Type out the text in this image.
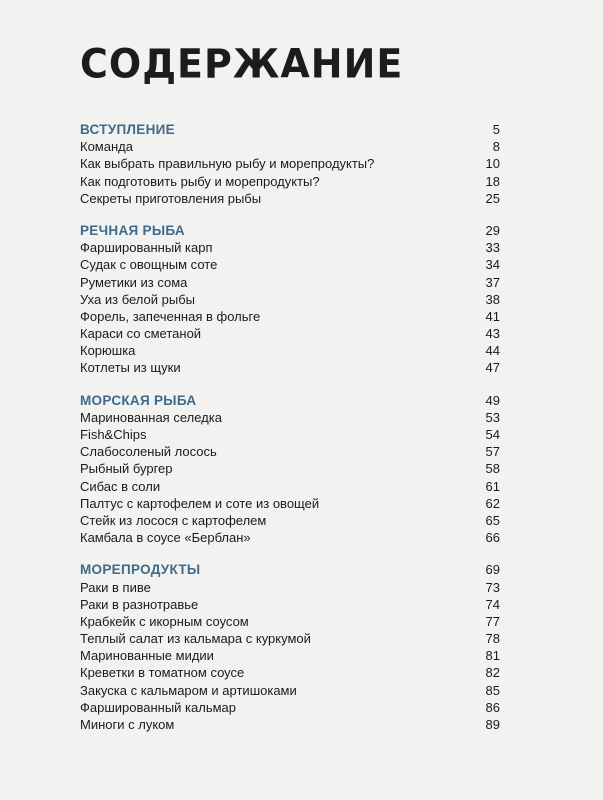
СОДЕРЖАНИЕ
ВСТУПЛЕНИЕ	5
Команда	8
Как выбрать правильную рыбу и морепродукты?	10
Как подготовить рыбу и морепродукты?	18
Секреты приготовления рыбы	25
РЕЧНАЯ РЫБА	29
Фаршированный карп	33
Судак с овощным соте	34
Руметики из сома	37
Уха из белой рыбы	38
Форель, запеченная в фольге	41
Караси со сметаной	43
Корюшка	44
Котлеты из щуки	47
МОРСКАЯ РЫБА	49
Маринованная селедка	53
Fish&Chips	54
Слабосоленый лосось	57
Рыбный бургер	58
Сибас в соли	61
Палтус с картофелем и соте из овощей	62
Стейк из лосося с картофелем	65
Камбала в соусе «Берблан»	66
МОРЕПРОДУКТЫ	69
Раки в пиве	73
Раки в разнотравье	74
Крабкейк с икорным соусом	77
Теплый салат из кальмара с куркумой	78
Маринованные мидии	81
Креветки в томатном соусе	82
Закуска с кальмаром и артишоками	85
Фаршированный кальмар	86
Миноги с луком	89
